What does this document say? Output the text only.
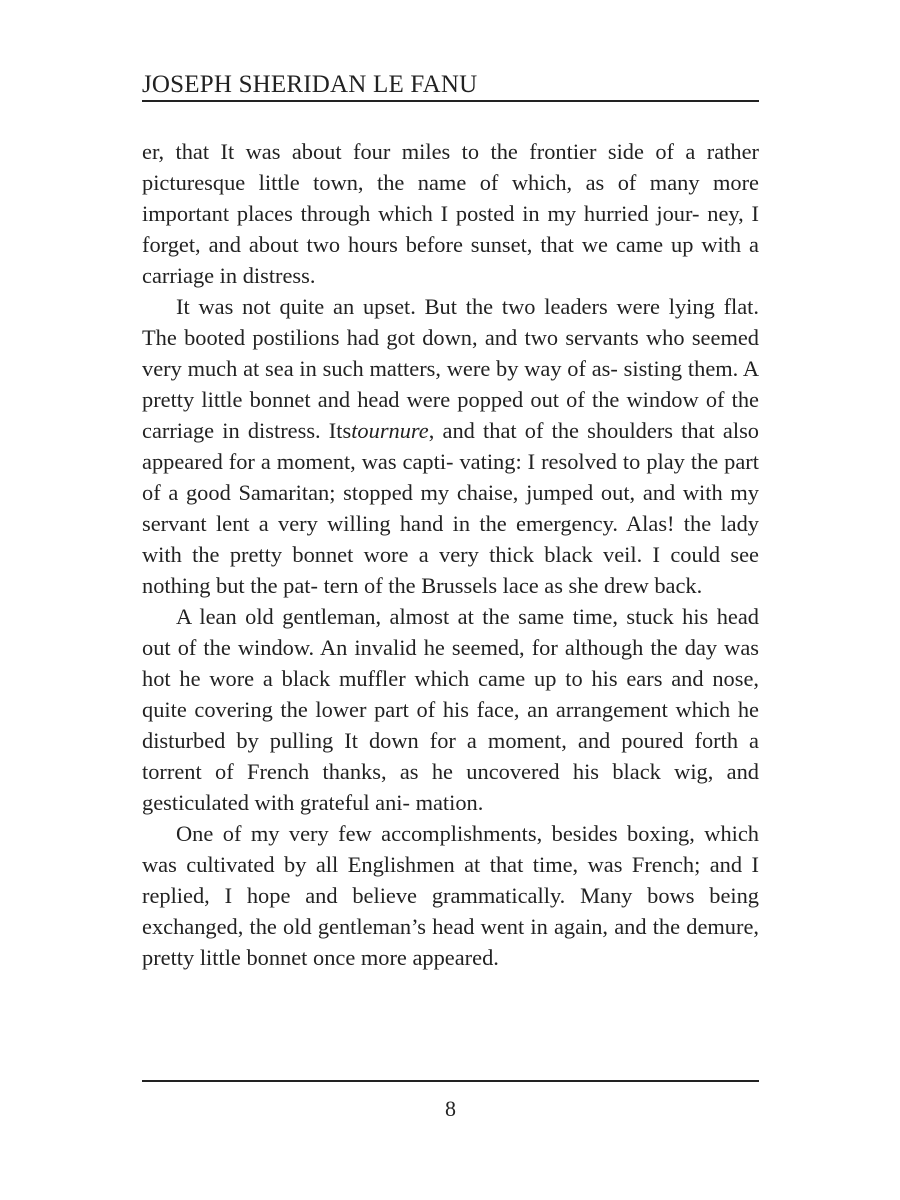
JOSEPH SHERIDAN LE FANU

er, that It was about four miles to the frontier side of a rather picturesque little town, the name of which, as of many more important places through which I posted in my hurried jour- ney, I forget, and about two hours before sunset, that we came up with a carriage in distress.

It was not quite an upset. But the two leaders were lying flat. The booted postilions had got down, and two servants who seemed very much at sea in such matters, were by way of as- sisting them. A pretty little bonnet and head were popped out of the window of the carriage in distress. Itstournure, and that of the shoulders that also appeared for a moment, was capti- vating: I resolved to play the part of a good Samaritan; stopped my chaise, jumped out, and with my servant lent a very willing hand in the emergency. Alas! the lady with the pretty bonnet wore a very thick black veil. I could see nothing but the pat- tern of the Brussels lace as she drew back.

A lean old gentleman, almost at the same time, stuck his head out of the window. An invalid he seemed, for although the day was hot he wore a black muffler which came up to his ears and nose, quite covering the lower part of his face, an arrangement which he disturbed by pulling It down for a moment, and poured forth a torrent of French thanks, as he uncovered his black wig, and gesticulated with grateful ani- mation.

One of my very few accomplishments, besides boxing, which was cultivated by all Englishmen at that time, was French; and I replied, I hope and believe grammatically. Many bows being exchanged, the old gentleman’s head went in again, and the demure, pretty little bonnet once more appeared.

8
